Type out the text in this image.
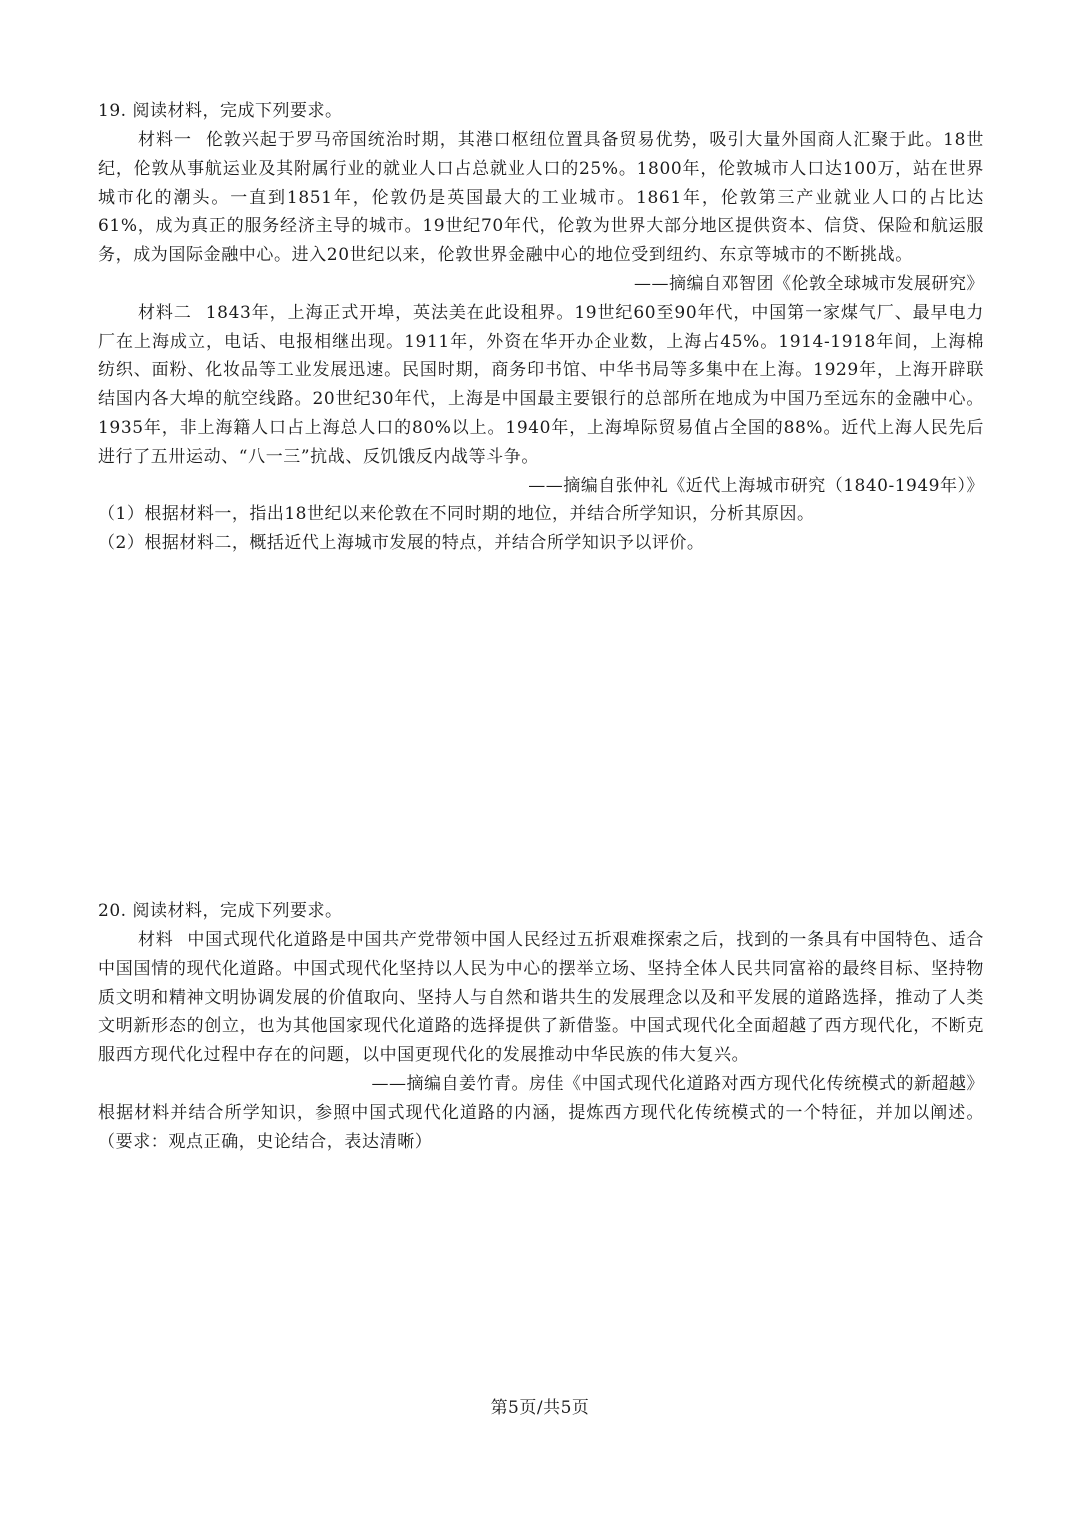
19. 阅读材料，完成下列要求。

材料一 伦敦兴起于罗马帝国统治时期，其港口枢纽位置具备贸易优势，吸引大量外国商人汇聚于此。18世纪，伦敦从事航运业及其附属行业的就业人口占总就业人口的25%。1800年，伦敦城市人口达100万，站在世界城市化的潮头。一直到1851年，伦敦仍是英国最大的工业城市。1861年，伦敦第三产业就业人口的占比达61%，成为真正的服务经济主导的城市。19世纪70年代，伦敦为世界大部分地区提供资本、信贷、保险和航运服务，成为国际金融中心。进入20世纪以来，伦敦世界金融中心的地位受到纽约、东京等城市的不断挑战。

——摘编自邓智团《伦敦全球城市发展研究》

材料二 1843年，上海正式开埠，英法美在此设租界。19世纪60至90年代，中国第一家煤气厂、最早电力厂在上海成立，电话、电报相继出现。1911年，外资在华开办企业数，上海占45%。1914-1918年间，上海棉纺织、面粉、化妆品等工业发展迅速。民国时期，商务印书馆、中华书局等多集中在上海。1929年，上海开辟联结国内各大埠的航空线路。20世纪30年代，上海是中国最主要银行的总部所在地成为中国乃至远东的金融中心。1935年，非上海籍人口占上海总人口的80%以上。1940年，上海埠际贸易值占全国的88%。近代上海人民先后进行了五卅运动、“八一三”抗战、反饥饿反内战等斗争。

——摘编自张仲礼《近代上海城市研究（1840-1949年）》

（1）根据材料一，指出18世纪以来伦敦在不同时期的地位，并结合所学知识，分析其原因。

（2）根据材料二，概括近代上海城市发展的特点，并结合所学知识予以评价。

20. 阅读材料，完成下列要求。

材料 中国式现代化道路是中国共产党带领中国人民经过五折艰难探索之后，找到的一条具有中国特色、适合中国国情的现代化道路。中国式现代化坚持以人民为中心的摆举立场、坚持全体人民共同富裕的最终目标、坚持物质文明和精神文明协调发展的价值取向、坚持人与自然和谐共生的发展理念以及和平发展的道路选择，推动了人类文明新形态的创立，也为其他国家现代化道路的选择提供了新借鉴。中国式现代化全面超越了西方现代化，不断克服西方现代化过程中存在的问题，以中国更现代化的发展推动中华民族的伟大复兴。

——摘编自姜竹青。房佳《中国式现代化道路对西方现代化传统模式的新超越》

根据材料并结合所学知识，参照中国式现代化道路的内涵，提炼西方现代化传统模式的一个特征，并加以阐述。（要求：观点正确，史论结合，表达清晰）

第5页/共5页
